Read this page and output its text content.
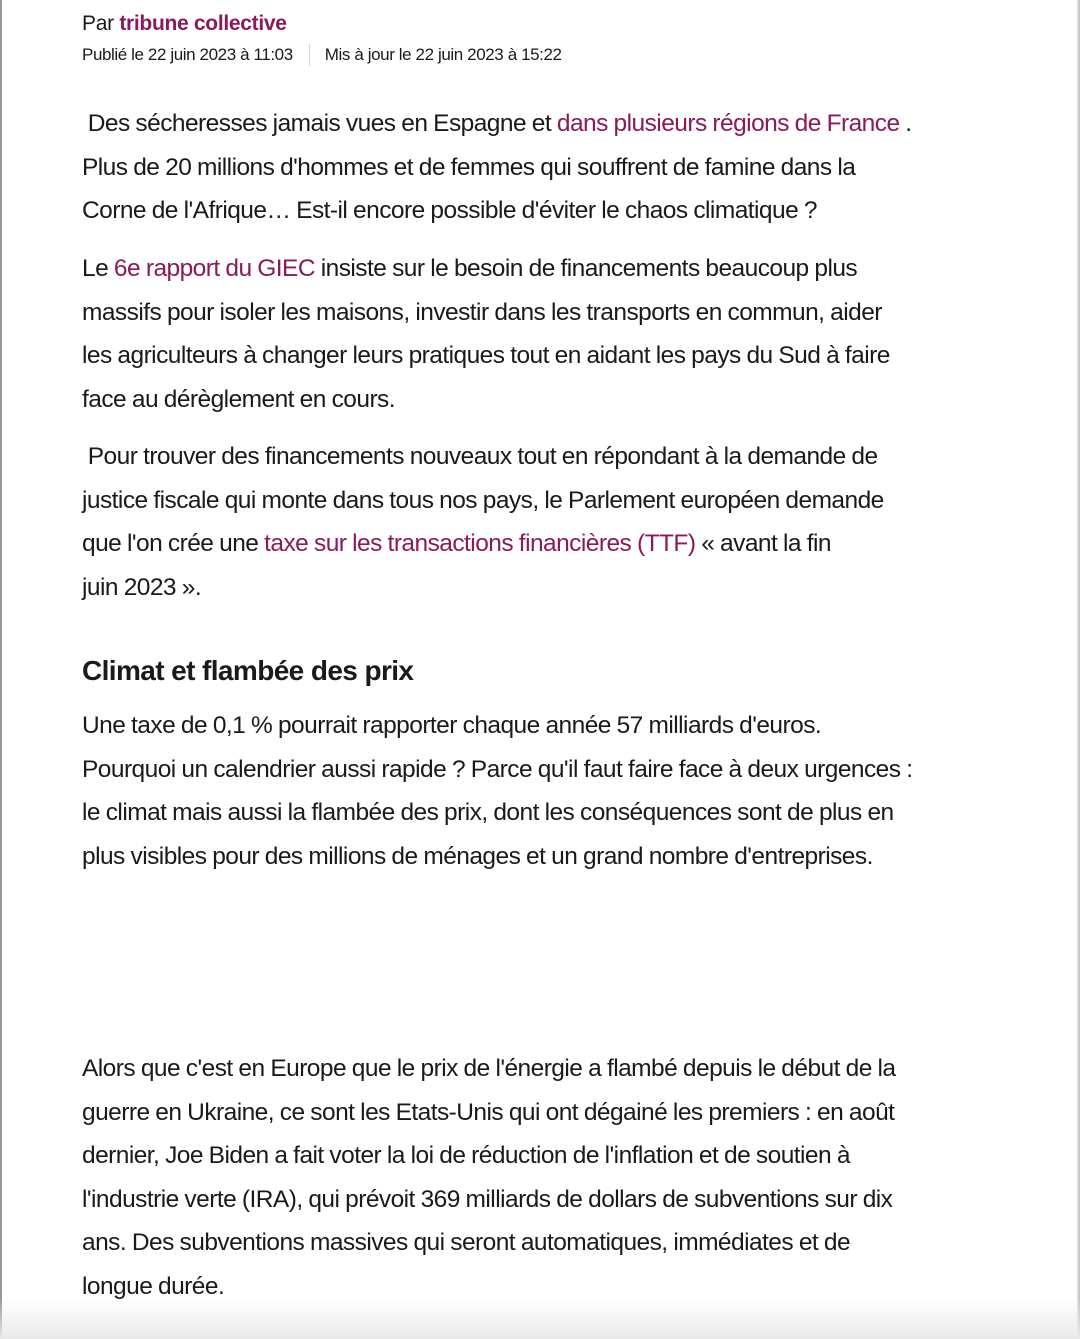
Par tribune collective
Publié le 22 juin 2023 à 11:03 Mis à jour le 22 juin 2023 à 15:22

Des sécheresses jamais vues en Espagne et dans plusieurs régions de France .
Plus de 20 millions d'hommes et de femmes qui souffrent de famine dans la
Corne de l'Afrique… Est-il encore possible d'éviter le chaos climatique ?

Le 6e rapport du GIEC insiste sur le besoin de financements beaucoup plus
massifs pour isoler les maisons, investir dans les transports en commun, aider
les agriculteurs à changer leurs pratiques tout en aidant les pays du Sud à faire
face au dérèglement en cours.

Pour trouver des financements nouveaux tout en répondant à la demande de
justice fiscale qui monte dans tous nos pays, le Parlement européen demande
que l'on crée une taxe sur les transactions financières (TTF) « avant la fin
juin 2023 ».

Climat et flambée des prix

Une taxe de 0,1 % pourrait rapporter chaque année 57 milliards d'euros.
Pourquoi un calendrier aussi rapide ? Parce qu'il faut faire face à deux urgences :
le climat mais aussi la flambée des prix, dont les conséquences sont de plus en
plus visibles pour des millions de ménages et un grand nombre d'entreprises.

Alors que c'est en Europe que le prix de l'énergie a flambé depuis le début de la
guerre en Ukraine, ce sont les Etats-Unis qui ont dégainé les premiers : en août
dernier, Joe Biden a fait voter la loi de réduction de l'inflation et de soutien à
l'industrie verte (IRA), qui prévoit 369 milliards de dollars de subventions sur dix
ans. Des subventions massives qui seront automatiques, immédiates et de
longue durée.
